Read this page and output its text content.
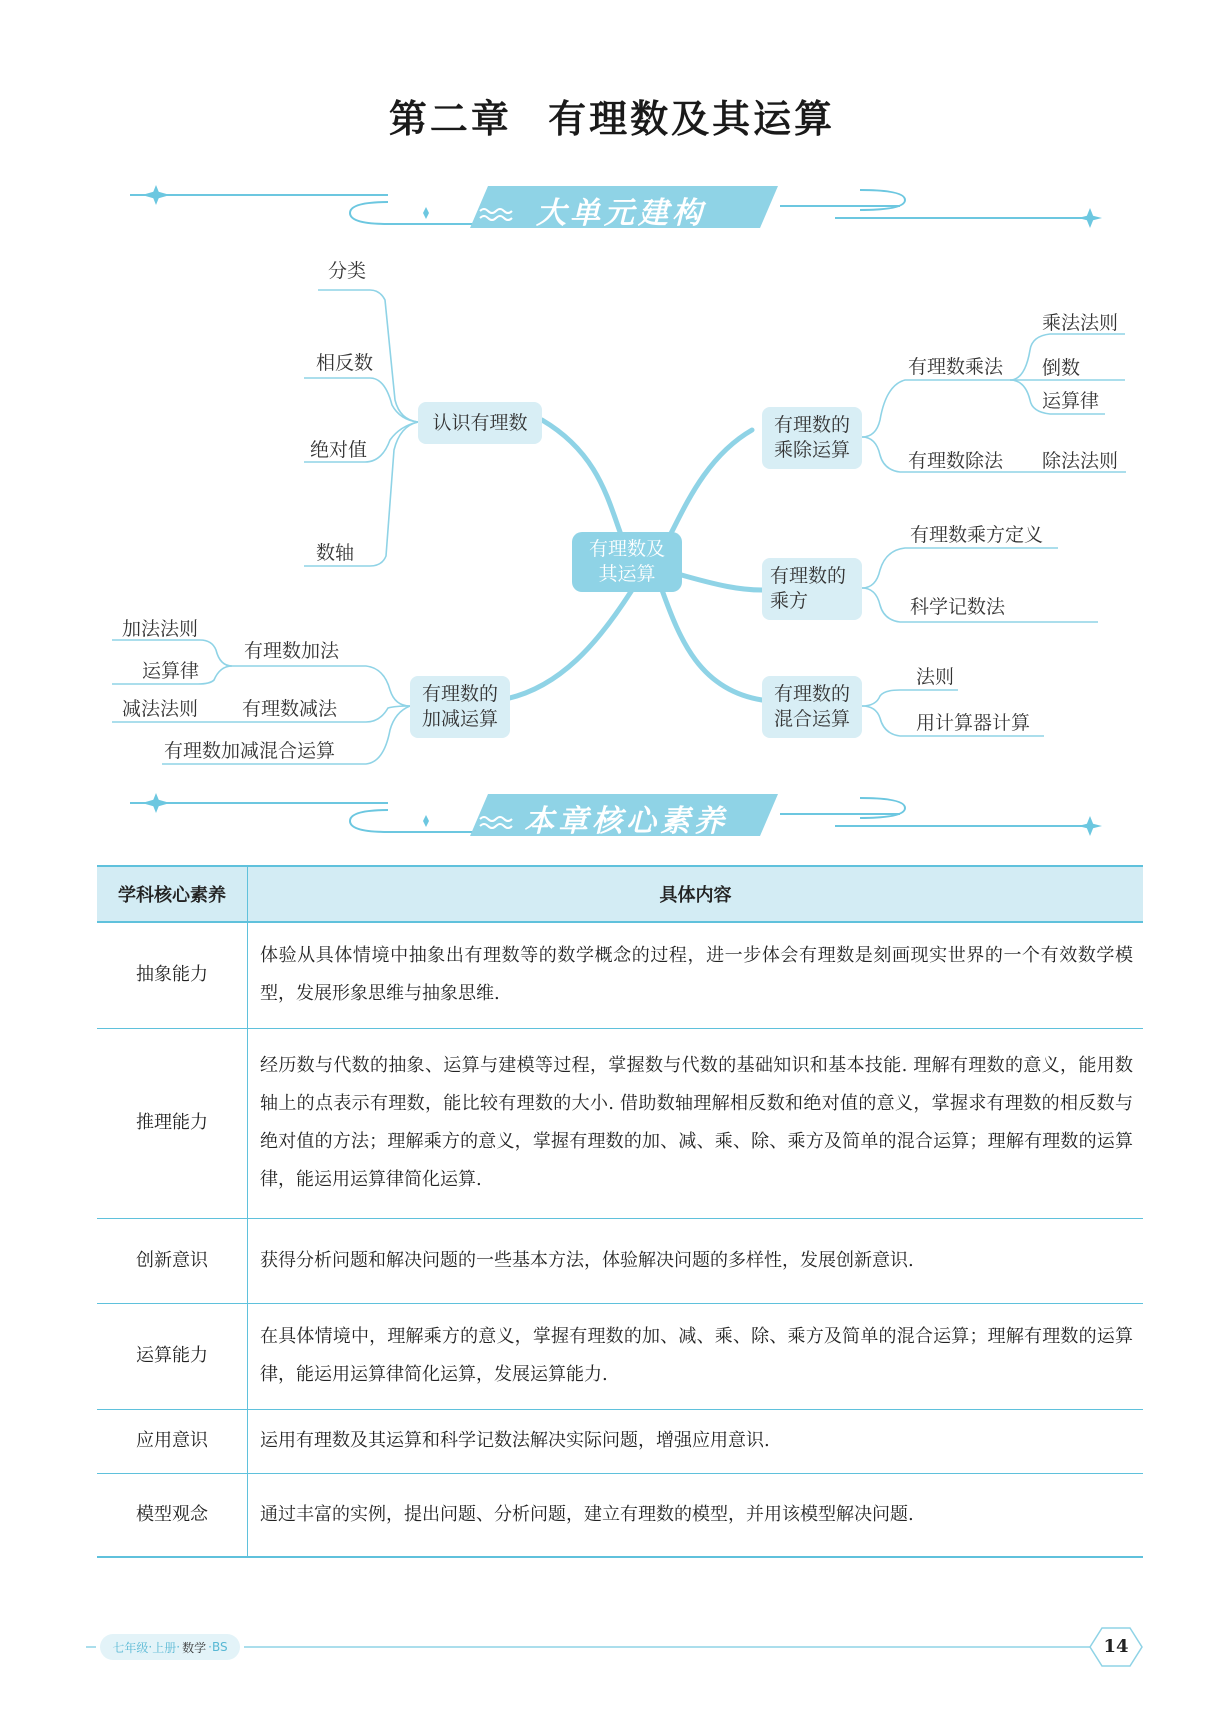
第二章 有理数及其运算
大单元建构
本章核心素养
有理数及其运算
认识有理数	有理数的乘除运算
有理数的乘方
有理数的混合运算
有理数的加减运算
分类
相反数
绝对值
数轴
有理数乘法
乘法法则
倒数
运算律
有理数除法 除法法则
有理数乘方定义
科学记数法
法则
用计算器计算
有理数加法
加法法则
运算律
有理数减法
减法法则
有理数加减混合运算
学科核心素养	具体内容
抽象能力	体验从具体情境中抽象出有理数等的数学概念的过程，进一步体会有理数是刻画现实世界的一个有效数学模型，发展形象思维与抽象思维.
推理能力	经历数与代数的抽象、运算与建模等过程，掌握数与代数的基础知识和基本技能. 理解有理数的意义，能用数轴上的点表示有理数，能比较有理数的大小. 借助数轴理解相反数和绝对值的意义，掌握求有理数的相反数与绝对值的方法；理解乘方的意义，掌握有理数的加、减、乘、除、乘方及简单的混合运算；理解有理数的运算律，能运用运算律简化运算.
创新意识	获得分析问题和解决问题的一些基本方法，体验解决问题的多样性，发展创新意识.
运算能力	在具体情境中，理解乘方的意义，掌握有理数的加、减、乘、除、乘方及简单的混合运算；理解有理数的运算律，能运用运算律简化运算，发展运算能力.
应用意识	运用有理数及其运算和科学记数法解决实际问题，增强应用意识.
模型观念	通过丰富的实例，提出问题、分析问题，建立有理数的模型，并用该模型解决问题.
七年级 · 上册 · 数学 · BS	14
